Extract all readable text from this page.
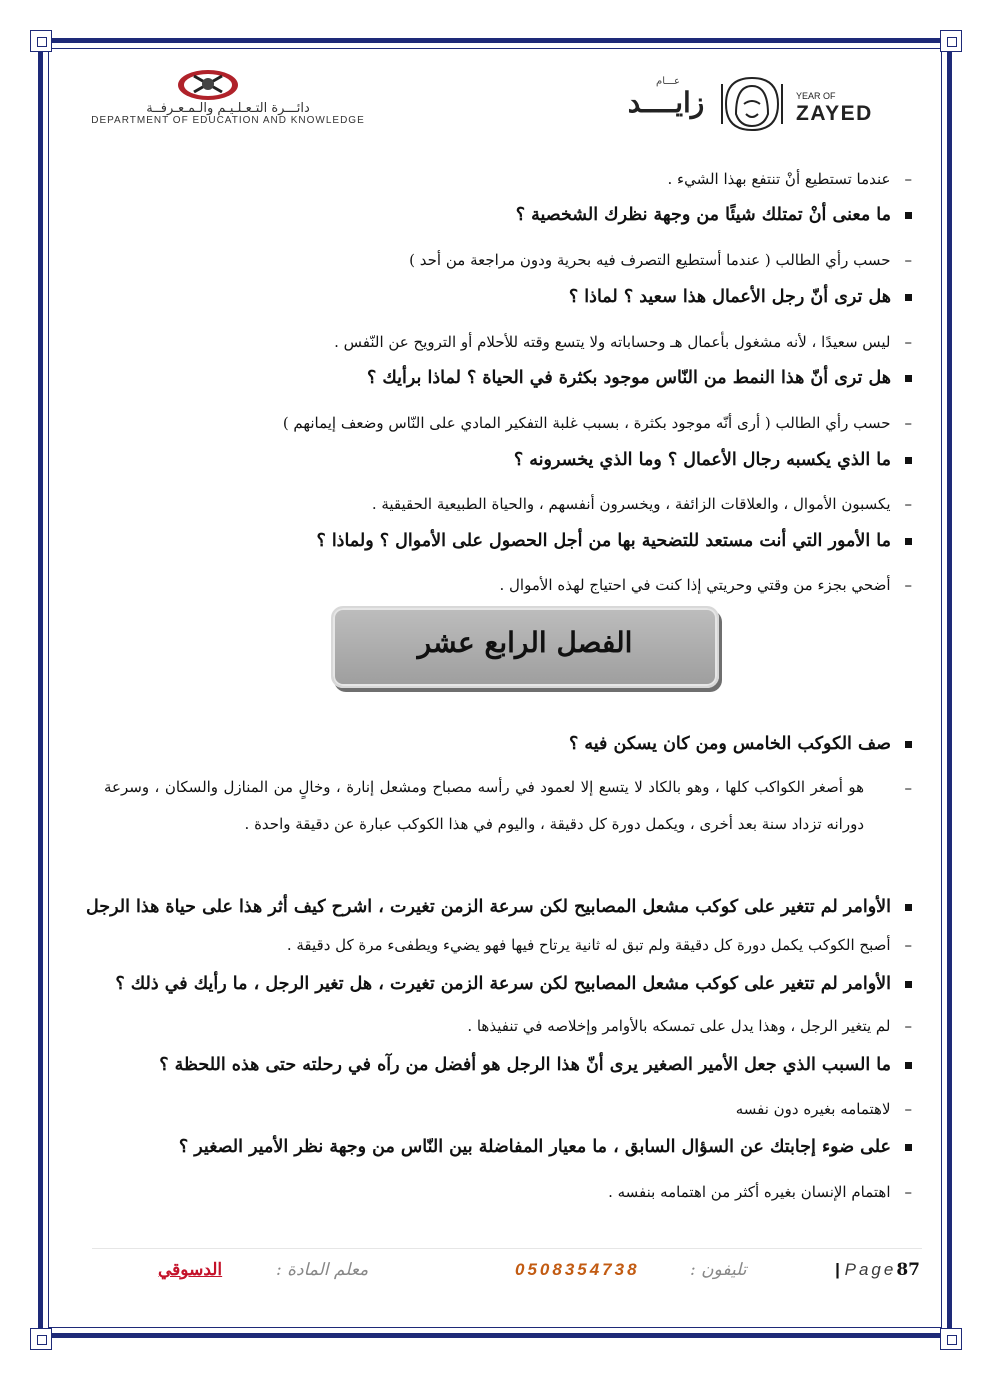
دائـــرة التـعـلـيـم والـمـعـرفــة
DEPARTMENT OF EDUCATION AND KNOWLEDGE
عـــام
زايــــد	YEAR OF
ZAYED
–عندما تستطيع أنْ تنتفع بهذا الشيء .
ما معنى أنْ تمتلك شيئًا من وجهة نظرك الشخصية ؟
–حسب رأي الطالب ( عندما أستطيع التصرف فيه بحرية ودون مراجعة من أحد )
هل ترى أنّ رجل الأعمال هذا سعيد ؟ لماذا ؟
–ليس سعيدًا ، لأنه مشغول بأعمال هـ وحساباته ولا يتسع وقته للأحلام أو الترويح عن النّفس .
هل ترى أنّ هذا النمط من النّاس موجود بكثرة في الحياة ؟ لماذا برأيك ؟
–حسب رأي الطالب ( أرى أنّه موجود بكثرة ، بسبب غلبة التفكير المادي على النّاس وضعف إيمانهم )
ما الذي يكسبه رجال الأعمال ؟ وما الذي يخسرونه ؟
–يكسبون الأموال ، والعلاقات الزائفة ، ويخسرون أنفسهم ، والحياة الطبيعية الحقيقية .
ما الأمور التي أنت مستعد للتضحية بها من أجل الحصول على الأموال ؟ ولماذا ؟
–أضحي بجزء من وقتي وحريتي إذا كنت في احتياج لهذه الأموال .
الفصل الرابع عشر
صف الكوكب الخامس ومن كان يسكن فيه ؟
–
هو أصغر الكواكب كلها ، وهو بالكاد لا يتسع إلا لعمود في رأسه مصباح ومشعل إنارة ، وخالٍ من المنازل والسكان ، وسرعة دورانه تزداد سنة بعد أخرى ، ويكمل دورة كل دقيقة ، واليوم في هذا الكوكب عبارة عن دقيقة واحدة .
الأوامر لم تتغير على كوكب مشعل المصابيح لكن سرعة الزمن تغيرت ، اشرح كيف أثر هذا على حياة هذا الرجل
–أصبح الكوكب يكمل دورة كل دقيقة ولم تبق له ثانية يرتاح فيها فهو يضيء ويطفىء مرة كل دقيقة .
الأوامر لم تتغير على كوكب مشعل المصابيح لكن سرعة الزمن تغيرت ، هل تغير الرجل ، ما رأيك في ذلك ؟
–لم يتغير الرجل ، وهذا يدل على تمسكه بالأوامر وإخلاصه في تنفيذها .
ما السبب الذي جعل الأمير الصغير يرى أنّ هذا الرجل هو أفضل من رآه في رحلته حتى هذه اللحظة ؟
–لاهتمامه بغيره دون نفسه
على ضوء إجابتك عن السؤال السابق ، ما معيار المفاضلة بين النّاس من وجهة نظر الأمير الصغير ؟
–اهتمام الإنسان بغيره أكثر من اهتمامه بنفسه .
| Page87
تليفون :
0508354738
معلم المادة :
الدسوقي
